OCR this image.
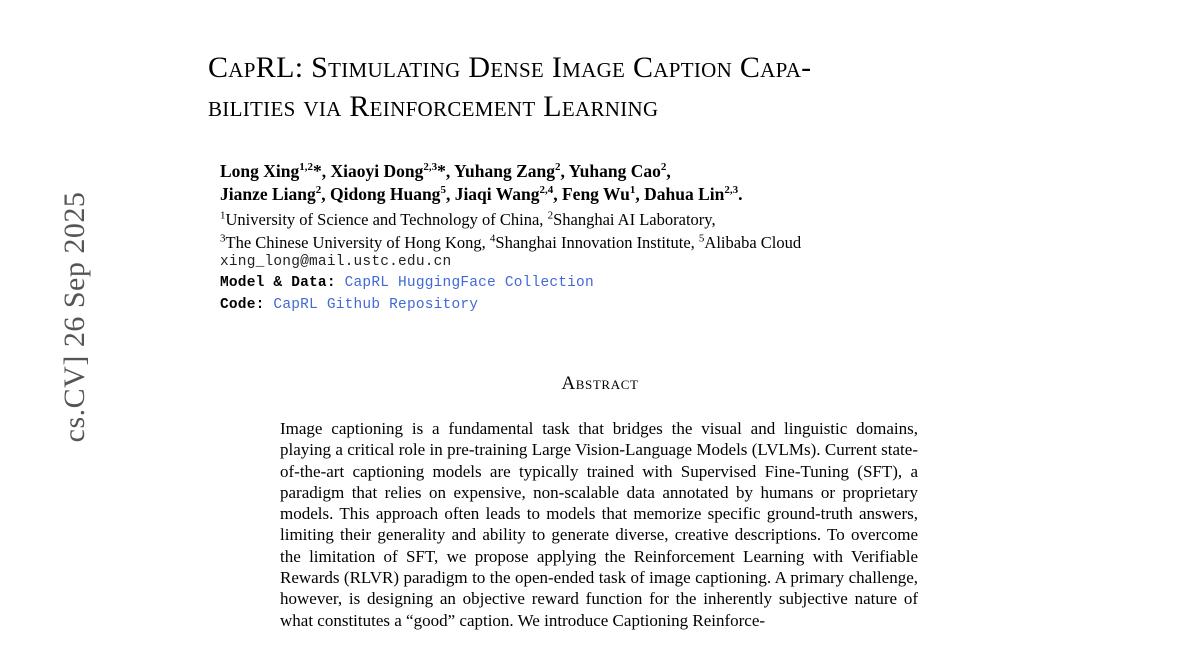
cs.CV] 26 Sep 2025
CapRL: Stimulating Dense Image Caption Capa-
bilities via Reinforcement Learning
Long Xing$^{1,2}$*, Xiaoyi Dong$^{2,3}$*, Yuhang Zang$^2$, Yuhang Cao$^2$,
Jianze Liang$^2$, Qidong Huang$^5$, Jiaqi Wang$^{2,4}$, Feng Wu$^1$, Dahua Lin$^{2,3}$.
$^1$University of Science and Technology of China, $^2$Shanghai AI Laboratory,
$^3$The Chinese University of Hong Kong, $^4$Shanghai Innovation Institute, $^5$Alibaba Cloud
xing_long@mail.ustc.edu.cn
Model & Data: CapRL HuggingFace Collection
Code: CapRL Github Repository
Abstract

Image captioning is a fundamental task that bridges the visual and linguistic domains, playing a critical role in pre-training Large Vision-Language Models (LVLMs). Current state-of-the-art captioning models are typically trained with Supervised Fine-Tuning (SFT), a paradigm that relies on expensive, non-scalable data annotated by humans or proprietary models. This approach often leads to models that memorize specific ground-truth answers, limiting their generality and ability to generate diverse, creative descriptions. To overcome the limitation of SFT, we propose applying the Reinforcement Learning with Verifiable Rewards (RLVR) paradigm to the open-ended task of image captioning. A primary challenge, however, is designing an objective reward function for the inherently subjective nature of what constitutes a “good” caption. We introduce Captioning Reinforce-
